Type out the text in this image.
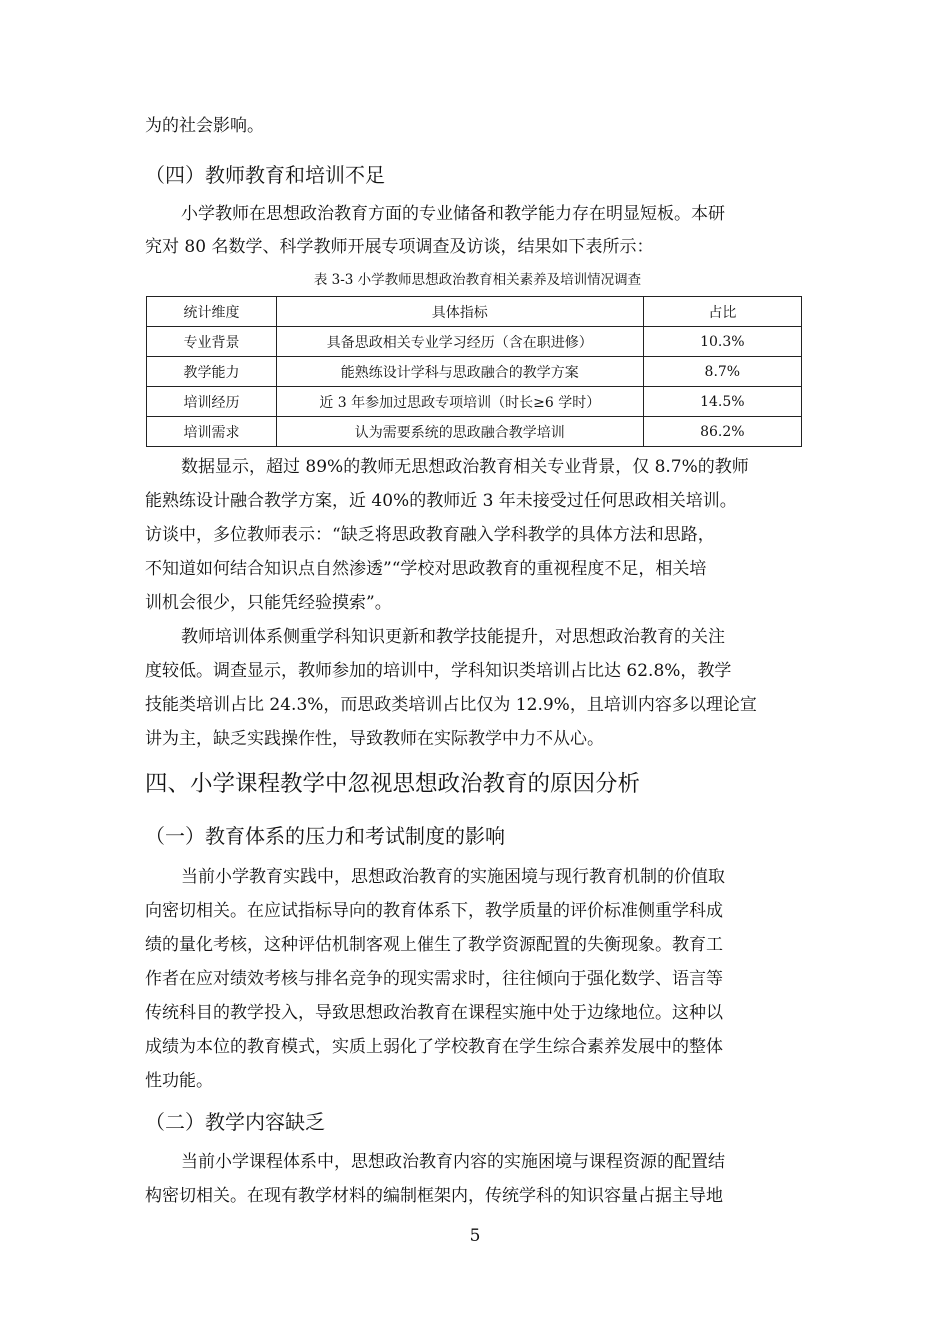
为的社会影响。
（四）教师教育和培训不足
小学教师在思想政治教育方面的专业储备和教学能力存在明显短板。本研
究对 80 名数学、科学教师开展专项调查及访谈，结果如下表所示：
表 3-3 小学教师思想政治教育相关素养及培训情况调查
统计维度	具体指标	占比
专业背景	具备思政相关专业学习经历（含在职进修）	10.3%
教学能力	能熟练设计学科与思政融合的教学方案	8.7%
培训经历	近 3 年参加过思政专项培训（时长≥6 学时）	14.5%
培训需求	认为需要系统的思政融合教学培训	86.2%
数据显示，超过 89%的教师无思想政治教育相关专业背景，仅 8.7%的教师
能熟练设计融合教学方案，近 40%的教师近 3 年未接受过任何思政相关培训。
访谈中，多位教师表示：“缺乏将思政教育融入学科教学的具体方法和思路，
不知道如何结合知识点自然渗透”“学校对思政教育的重视程度不足，相关培
训机会很少，只能凭经验摸索”。
教师培训体系侧重学科知识更新和教学技能提升，对思想政治教育的关注
度较低。调查显示，教师参加的培训中，学科知识类培训占比达 62.8%，教学
技能类培训占比 24.3%，而思政类培训占比仅为 12.9%，且培训内容多以理论宣
讲为主，缺乏实践操作性，导致教师在实际教学中力不从心。
四、小学课程教学中忽视思想政治教育的原因分析
（一）教育体系的压力和考试制度的影响
当前小学教育实践中，思想政治教育的实施困境与现行教育机制的价值取
向密切相关。在应试指标导向的教育体系下，教学质量的评价标准侧重学科成
绩的量化考核，这种评估机制客观上催生了教学资源配置的失衡现象。教育工
作者在应对绩效考核与排名竞争的现实需求时，往往倾向于强化数学、语言等
传统科目的教学投入，导致思想政治教育在课程实施中处于边缘地位。这种以
成绩为本位的教育模式，实质上弱化了学校教育在学生综合素养发展中的整体
性功能。
（二）教学内容缺乏
当前小学课程体系中，思想政治教育内容的实施困境与课程资源的配置结
构密切相关。在现有教学材料的编制框架内，传统学科的知识容量占据主导地
5
